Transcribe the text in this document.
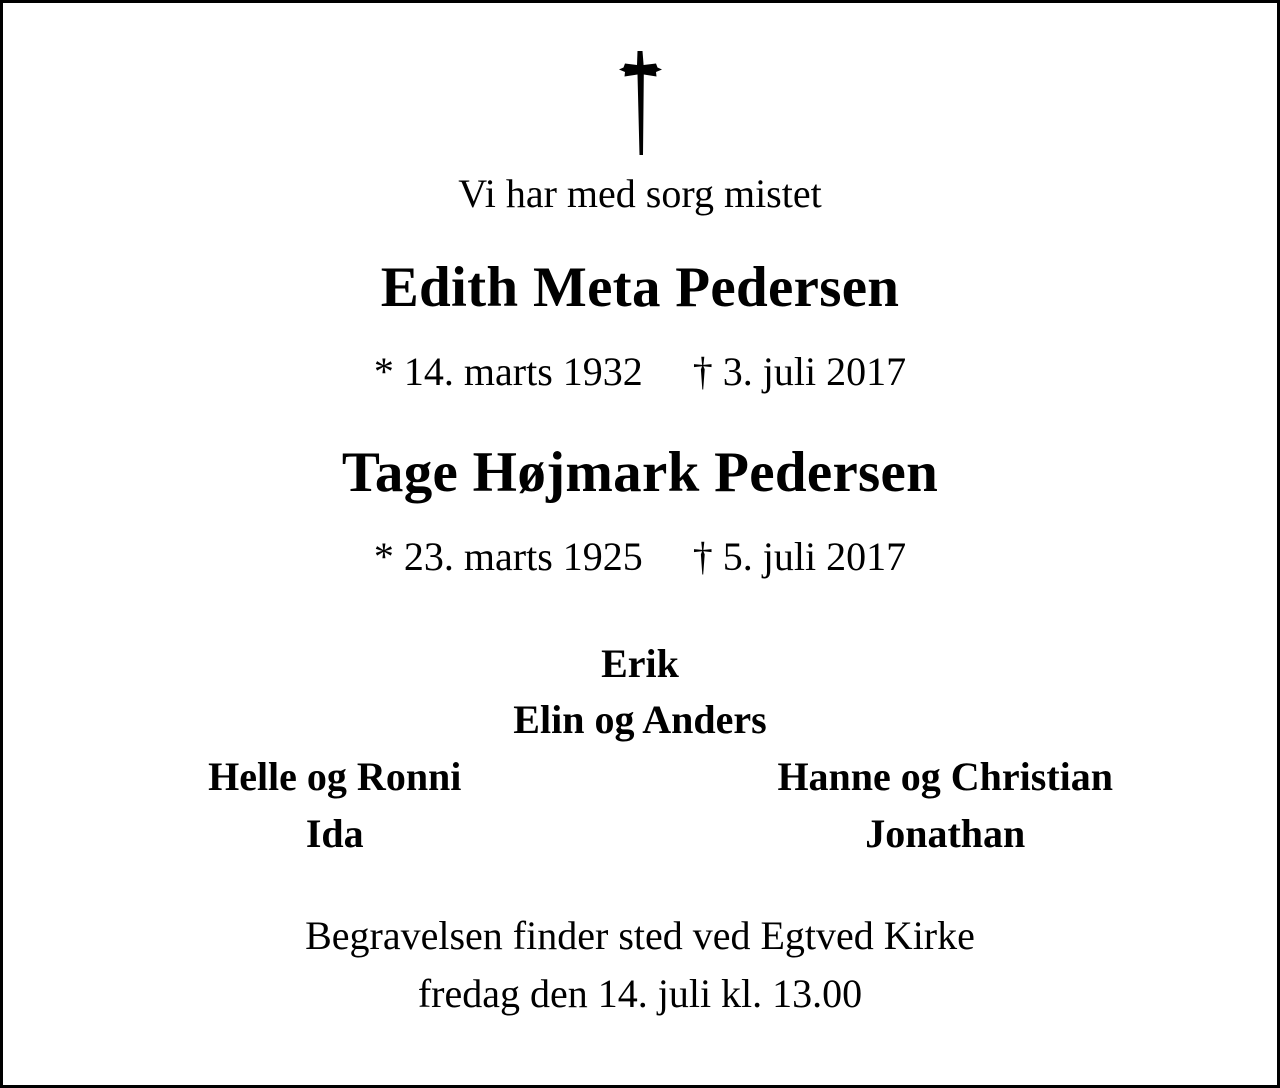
Vi har med sorg mistet
Edith Meta Pedersen
* 14. marts 1932     † 3. juli 2017
Tage Højmark Pedersen
* 23. marts 1925     † 5. juli 2017
Erik
Elin og Anders
Helle og Ronni	Hanne og Christian
Ida	Jonathan
Begravelsen finder sted ved Egtved Kirke
fredag den 14. juli kl. 13.00
